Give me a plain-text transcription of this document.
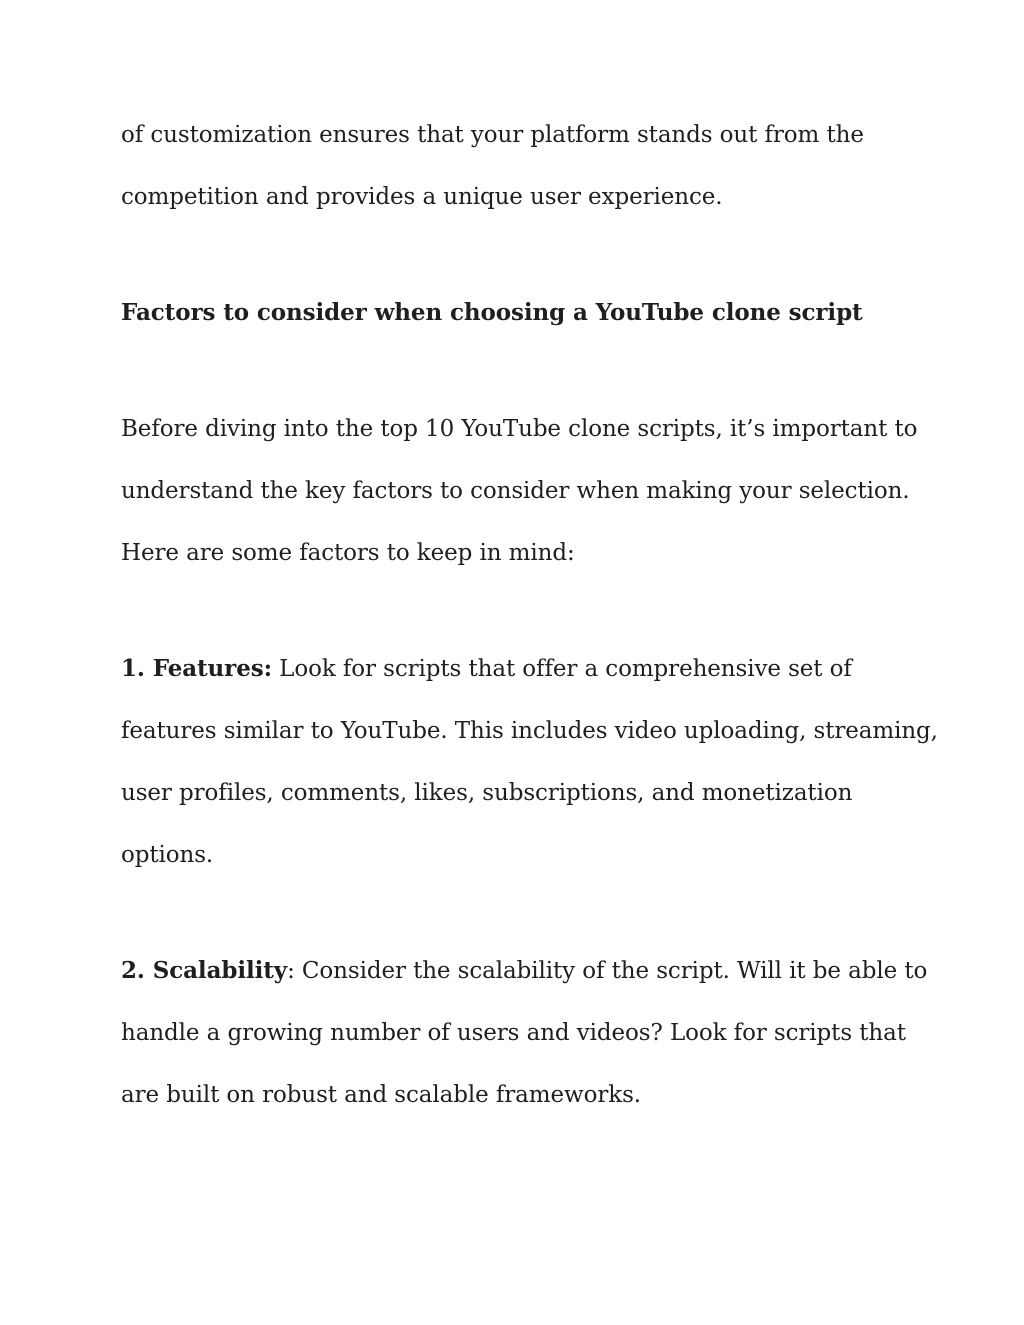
of customization ensures that your platform stands out from the
competition and provides a unique user experience.
Factors to consider when choosing a YouTube clone script
Before diving into the top 10 YouTube clone scripts, it’s important to
understand the key factors to consider when making your selection.
Here are some factors to keep in mind:
1. Features: Look for scripts that offer a comprehensive set of
features similar to YouTube. This includes video uploading, streaming,
user profiles, comments, likes, subscriptions, and monetization
options.
2. Scalability: Consider the scalability of the script. Will it be able to
handle a growing number of users and videos? Look for scripts that
are built on robust and scalable frameworks.
